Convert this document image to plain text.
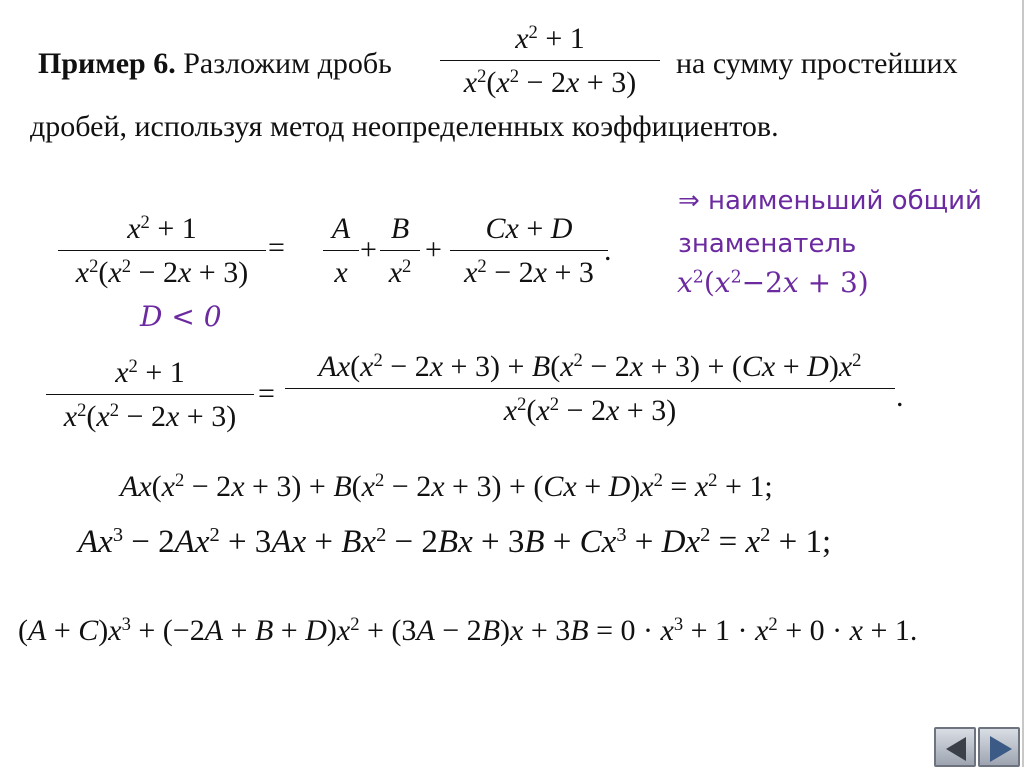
Пример 6. Разложим дробь
$x^2 + 1$
$x^2(x^2 - 2x + 3)$
на сумму простейших
дробей, используя метод неопределенных коэффициентов.
$x^2 + 1$
$x^2(x^2 - 2x + 3)$
=
A
x
+
B
$x^2$
+
Cx + D
$x^2 - 2x + 3$
.
⇒ наименьший общий
знаменатель
$x^2(x^2-2x + 3)$
D < 0
$x^2 + 1$
$x^2(x^2 - 2x + 3)$
=
$Ax(x^2 - 2x + 3) + B(x^2 - 2x + 3) + (Cx + D)x^2$
$x^2(x^2 - 2x + 3)$	.
$Ax(x^2 - 2x + 3) + B(x^2 - 2x + 3) + (Cx + D)x^2 = x^2 + 1$;
$Ax^3 - 2Ax^2 + 3Ax + Bx^2 - 2Bx + 3B + Cx^3 + Dx^2 = x^2 + 1$;
$(A + C)x^3 + (-2A + B + D)x^2 + (3A - 2B)x + 3B = 0 \cdot x^3 + 1 \cdot x^2 + 0 \cdot x + 1$.
